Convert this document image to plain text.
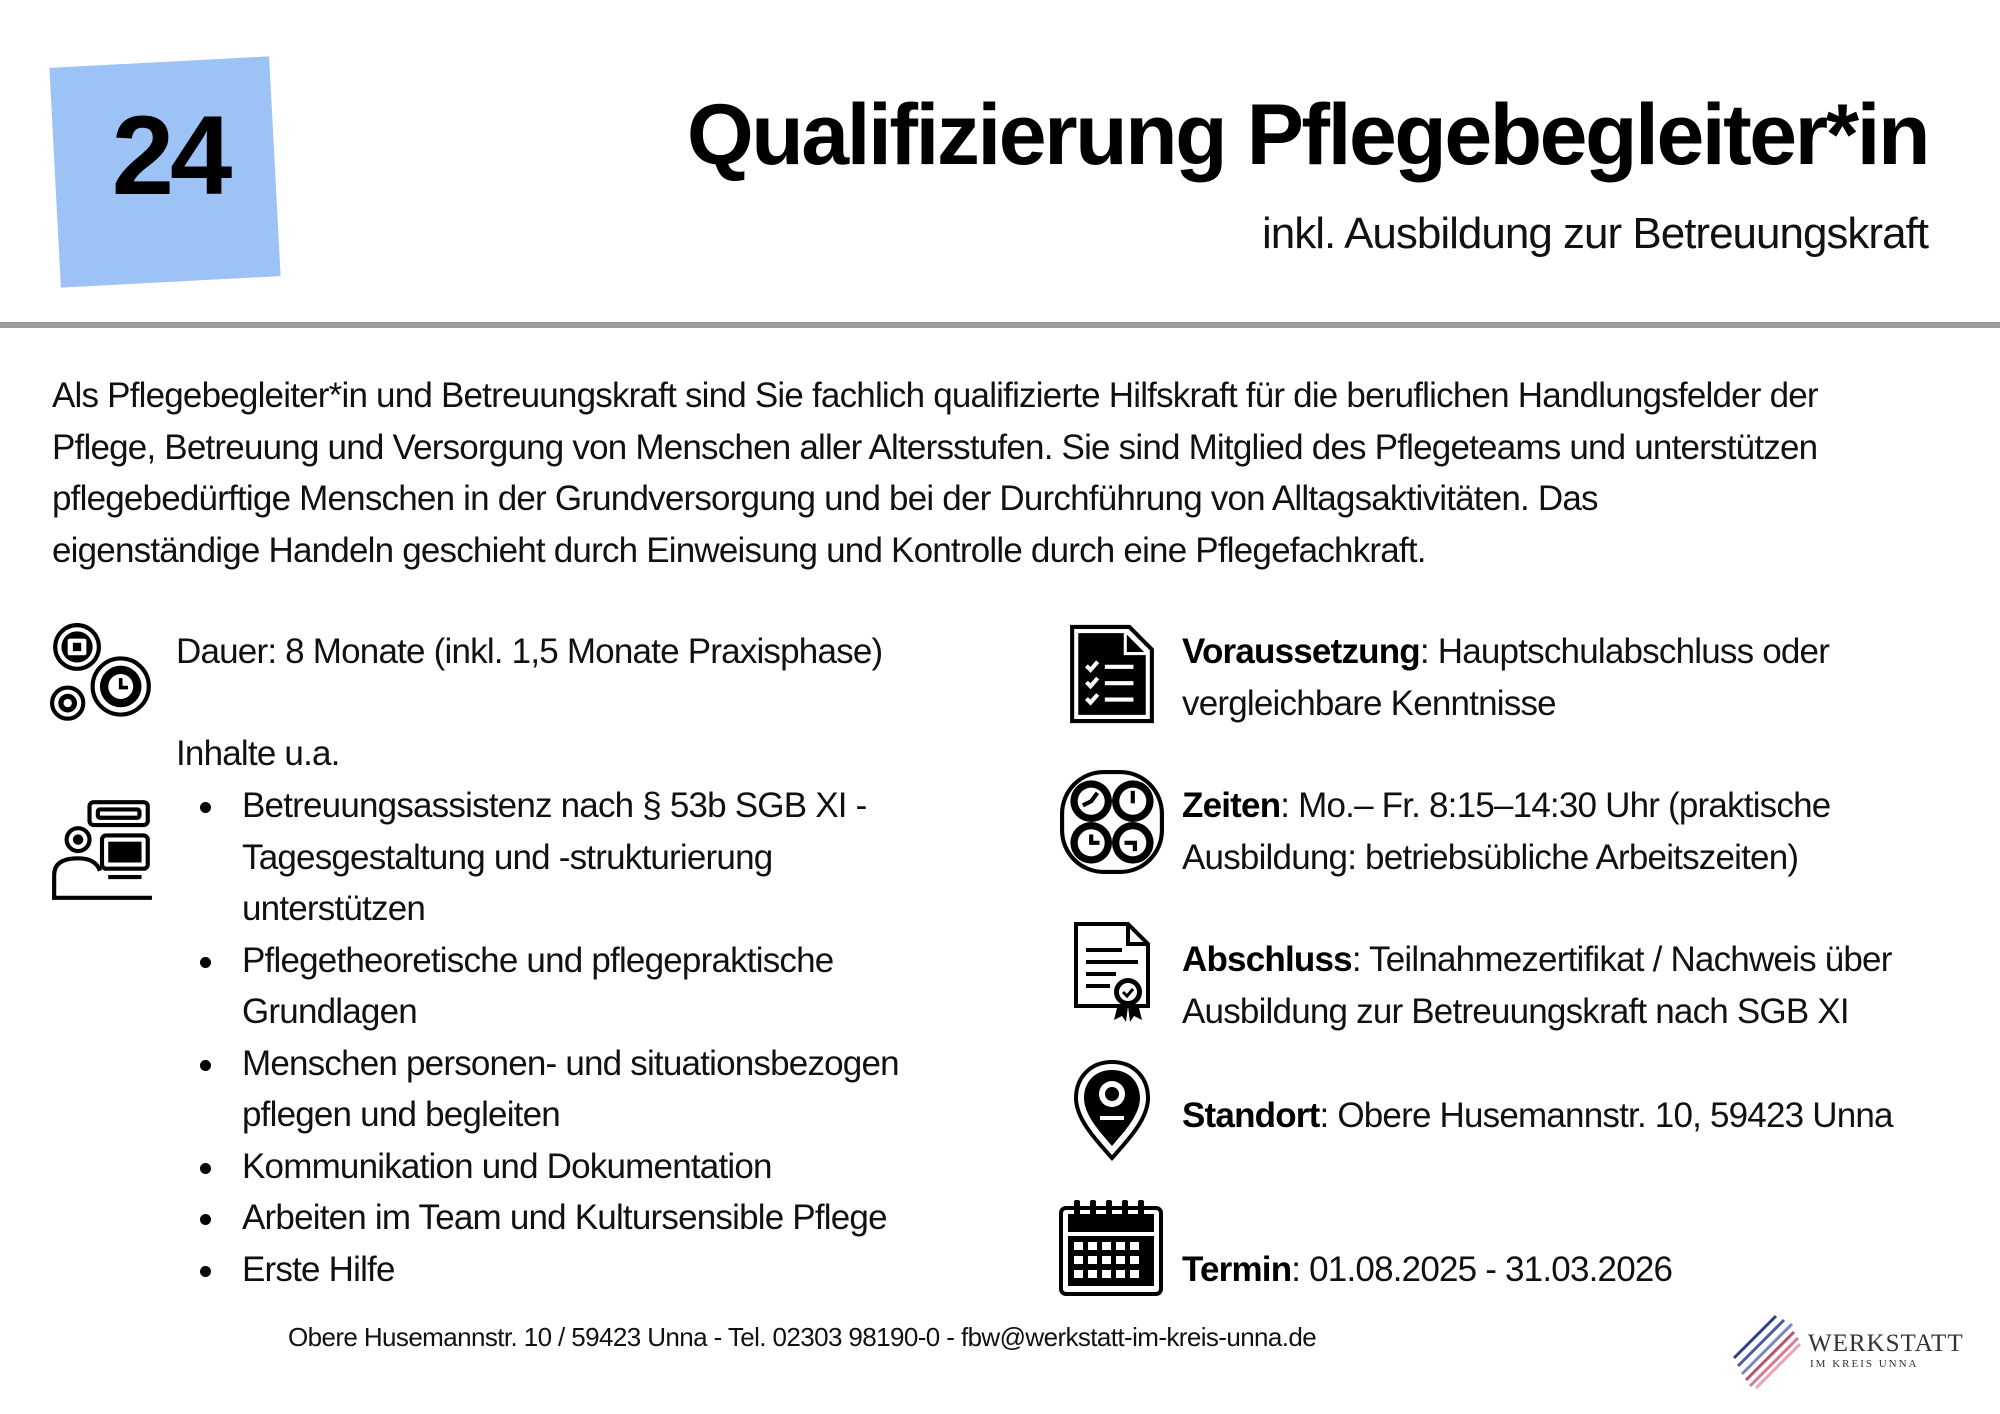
24	Qualifizierung Pflegebegleiter*in
inkl. Ausbildung zur Betreuungskraft
Als Pflegebegleiter*in und Betreuungskraft sind Sie fachlich qualifizierte Hilfskraft für die beruflichen Handlungsfelder der
Pflege, Betreuung und Versorgung von Menschen aller Altersstufen. Sie sind Mitglied des Pflegeteams und unterstützen
pflegebedürftige Menschen in der Grundversorgung und bei der Durchführung von Alltagsaktivitäten. Das
eigenständige Handeln geschieht durch Einweisung und Kontrolle durch eine Pflegefachkraft.
Dauer: 8 Monate (inkl. 1,5 Monate Praxisphase)
Inhalte u.a.
Betreuungsassistenz nach § 53b SGB XI -
Tagesgestaltung und -strukturierung
unterstützen
Pflegetheoretische und pflegepraktische
Grundlagen
Menschen personen- und situationsbezogen
pflegen und begleiten
Kommunikation und Dokumentation
Arbeiten im Team und Kultursensible Pflege
Erste Hilfe
Voraussetzung: Hauptschulabschluss oder
vergleichbare Kenntnisse
Zeiten: Mo.– Fr. 8:15–14:30 Uhr (praktische
Ausbildung: betriebsübliche Arbeitszeiten)
Abschluss: Teilnahmezertifikat / Nachweis über
Ausbildung zur Betreuungskraft nach SGB XI
Standort: Obere Husemannstr. 10, 59423 Unna
Termin: 01.08.2025 - 31.03.2026
Obere Husemannstr. 10 / 59423 Unna - Tel. 02303 98190-0 - fbw@werkstatt-im-kreis-unna.de	WERKSTATT
IM KREIS UNNA
